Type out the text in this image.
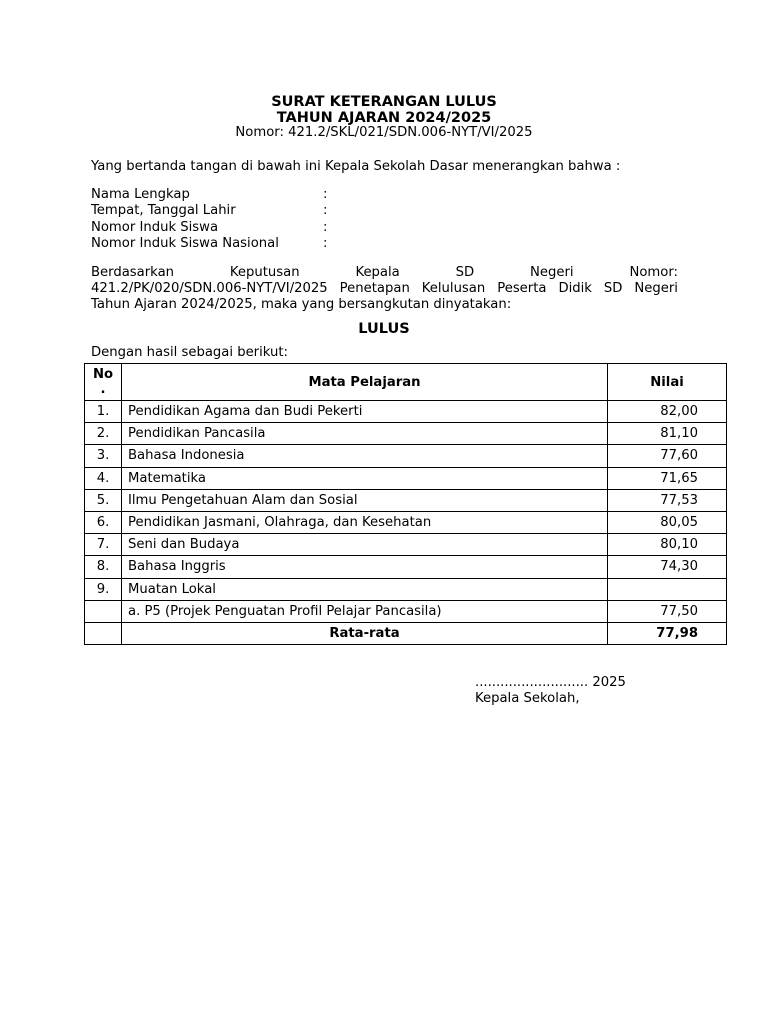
SURAT KETERANGAN LULUS
TAHUN AJARAN 2024/2025
Nomor: 421.2/SKL/021/SDN.006-NYT/VI/2025
Yang bertanda tangan di bawah ini Kepala Sekolah Dasar menerangkan bahwa :
Nama Lengkap	:
Tempat, Tanggal Lahir	:
Nomor Induk Siswa	:
Nomor Induk Siswa Nasional	:
Berdasarkan	Keputusan	Kepala	SD	Negeri	Nomor:
421.2/PK/020/SDN.006-NYT/VI/2025 Penetapan Kelulusan Peserta Didik SD Negeri
Tahun Ajaran 2024/2025, maka yang bersangkutan dinyatakan:
LULUS
Dengan hasil sebagai berikut:
No
.	Mata Pelajaran	Nilai
1.	Pendidikan Agama dan Budi Pekerti	82,00
2.	Pendidikan Pancasila	81,10
3.	Bahasa Indonesia	77,60
4.	Matematika	71,65
5.	Ilmu Pengetahuan Alam dan Sosial	77,53
6.	Pendidikan Jasmani, Olahraga, dan Kesehatan	80,05
7.	Seni dan Budaya	80,10
8.	Bahasa Inggris	74,30
9.	Muatan Lokal	
	a. P5 (Projek Penguatan Profil Pelajar Pancasila)	77,50
	Rata-rata	77,98
........................... 2025
Kepala Sekolah,
